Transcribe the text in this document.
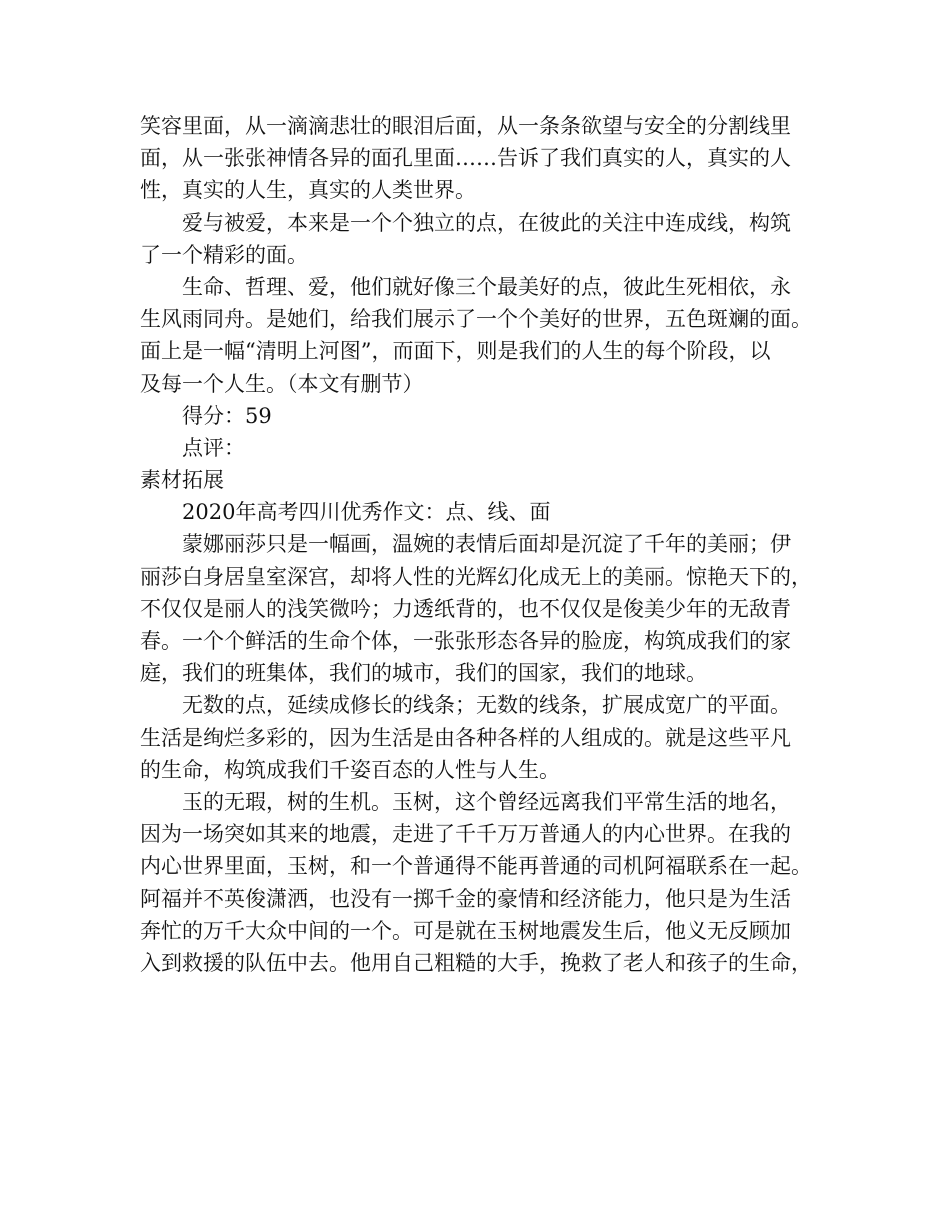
笑容里面，从一滴滴悲壮的眼泪后面，从一条条欲望与安全的分割线里
面，从一张张神情各异的面孔里面……告诉了我们真实的人，真实的人
性，真实的人生，真实的人类世界。
爱与被爱，本来是一个个独立的点，在彼此的关注中连成线，构筑
了一个精彩的面。
生命、哲理、爱，他们就好像三个最美好的点，彼此生死相依，永
生风雨同舟。是她们，给我们展示了一个个美好的世界，五色斑斓的面。
面上是一幅“清明上河图”，而面下，则是我们的人生的每个阶段，以
及每一个人生。（本文有删节）
得分：59
点评：
素材拓展
2020年高考四川优秀作文：点、线、面
蒙娜丽莎只是一幅画，温婉的表情后面却是沉淀了千年的美丽；伊
丽莎白身居皇室深宫，却将人性的光辉幻化成无上的美丽。惊艳天下的，
不仅仅是丽人的浅笑微吟；力透纸背的，也不仅仅是俊美少年的无敌青
春。一个个鲜活的生命个体，一张张形态各异的脸庞，构筑成我们的家
庭，我们的班集体，我们的城市，我们的国家，我们的地球。
无数的点，延续成修长的线条；无数的线条，扩展成宽广的平面。
生活是绚烂多彩的，因为生活是由各种各样的人组成的。就是这些平凡
的生命，构筑成我们千姿百态的人性与人生。
玉的无瑕，树的生机。玉树，这个曾经远离我们平常生活的地名，
因为一场突如其来的地震，走进了千千万万普通人的内心世界。在我的
内心世界里面，玉树，和一个普通得不能再普通的司机阿福联系在一起。
阿福并不英俊潇洒，也没有一掷千金的豪情和经济能力，他只是为生活
奔忙的万千大众中间的一个。可是就在玉树地震发生后，他义无反顾加
入到救援的队伍中去。他用自己粗糙的大手，挽救了老人和孩子的生命，
